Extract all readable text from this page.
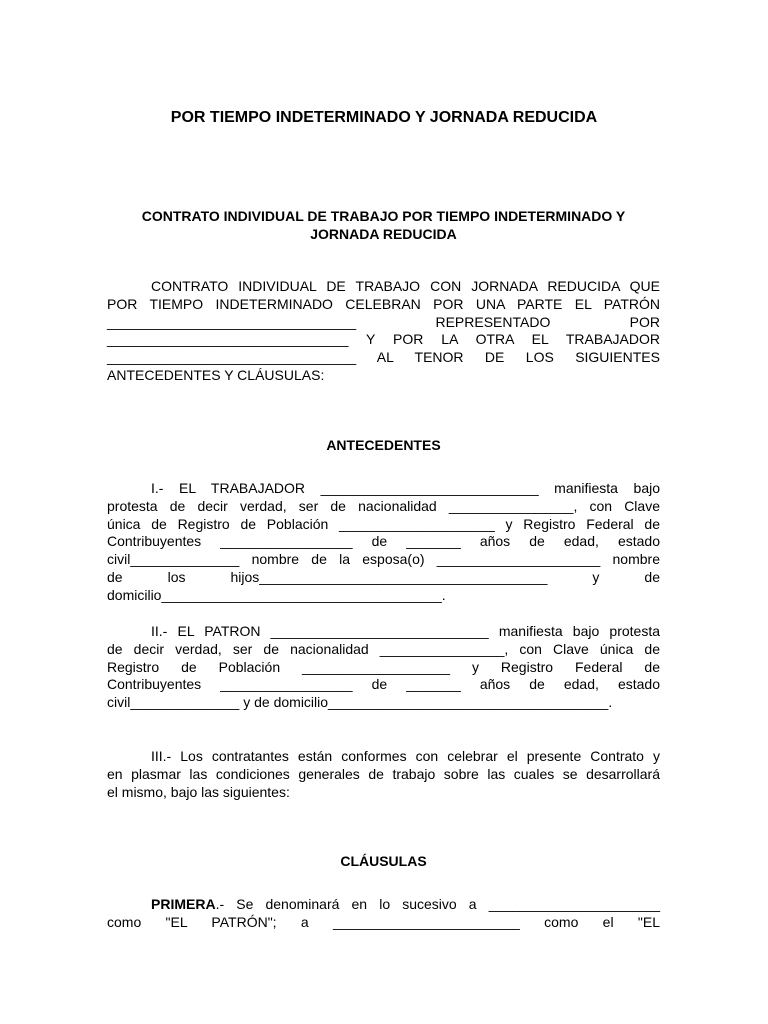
POR TIEMPO INDETERMINADO Y JORNADA REDUCIDA
CONTRATO INDIVIDUAL DE TRABAJO POR TIEMPO INDETERMINADO Y
JORNADA REDUCIDA
CONTRATO INDIVIDUAL DE TRABAJO CON JORNADA REDUCIDA QUE
POR TIEMPO INDETERMINADO CELEBRAN POR UNA PARTE EL PATRÓN
________________________________ REPRESENTADO POR
_______________________________ Y POR LA OTRA EL TRABAJADOR
________________________________ AL TENOR DE LOS SIGUIENTES
ANTECEDENTES Y CLÁUSULAS:
ANTECEDENTES
I.- EL TRABAJADOR ____________________________ manifiesta bajo
protesta de decir verdad, ser de nacionalidad ________________, con Clave
única de Registro de Población ____________________ y Registro Federal de
Contribuyentes _________________ de _______ años de edad, estado
civil______________ nombre de la esposa(o) _____________________ nombre
de los hijos_____________________________________ y de
domicilio____________________________________.
II.- EL PATRON ____________________________ manifiesta bajo protesta
de decir verdad, ser de nacionalidad ________________, con Clave única de
Registro de Población ___________________ y Registro Federal de
Contribuyentes _________________ de _______ años de edad, estado
civil______________ y de domicilio____________________________________.
III.- Los contratantes están conformes con celebrar el presente Contrato y
en plasmar las condiciones generales de trabajo sobre las cuales se desarrollará
el mismo, bajo las siguientes:
CLÁUSULAS
PRIMERA.- Se denominará en lo sucesivo a ______________________
como "EL PATRÓN"; a ________________________ como el "EL
